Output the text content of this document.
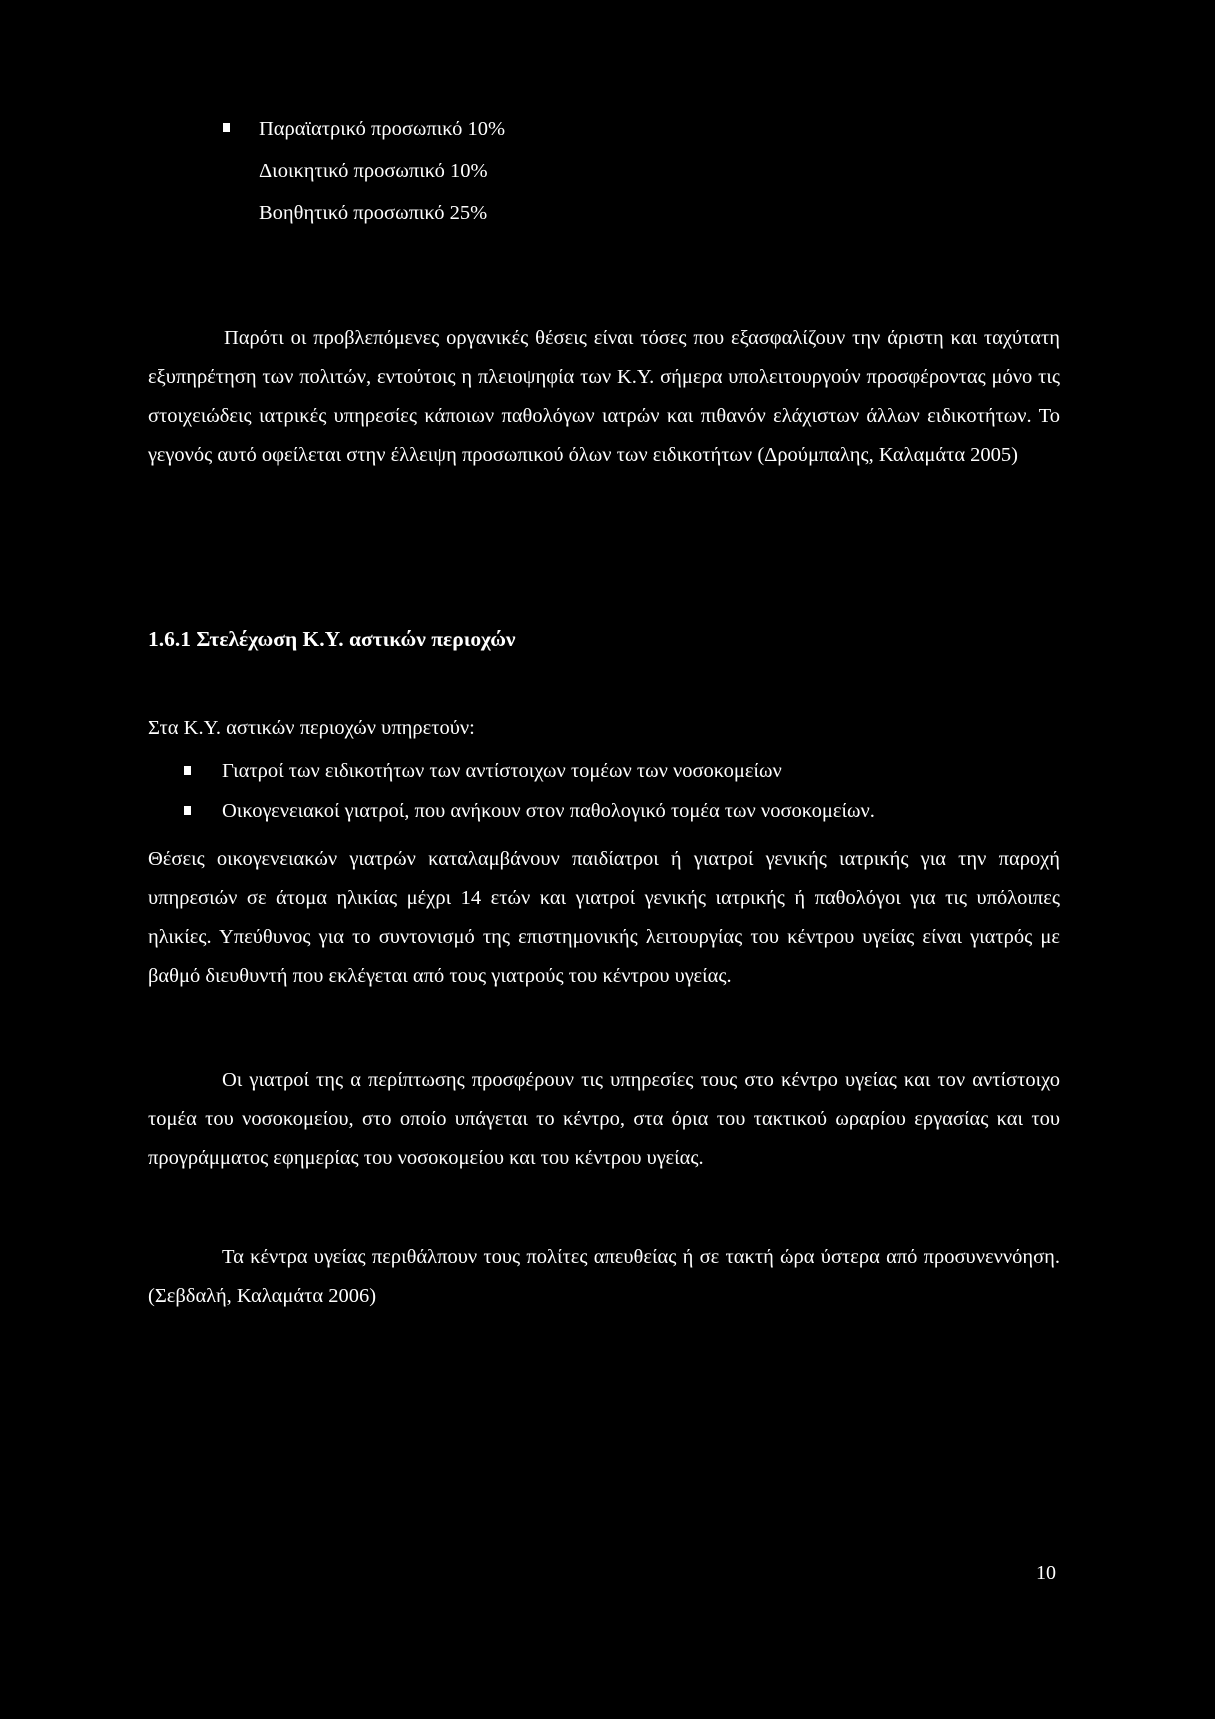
Παραϊατρικό προσωπικό 10%
Διοικητικό προσωπικό 10%
Βοηθητικό προσωπικό 25%

Παρότι οι προβλεπόμενες οργανικές θέσεις είναι τόσες που εξασφαλίζουν την άριστη και ταχύτατη εξυπηρέτηση των πολιτών, εντούτοις η πλειοψηφία των Κ.Υ. σήμερα υπολειτουργούν προσφέροντας μόνο τις στοιχειώδεις ιατρικές υπηρεσίες κάποιων παθολόγων ιατρών και πιθανόν ελάχιστων άλλων ειδικοτήτων. Το γεγονός αυτό οφείλεται στην έλλειψη προσωπικού όλων των ειδικοτήτων (Δρούμπαλης, Καλαμάτα 2005)

1.6.1 Στελέχωση Κ.Υ. αστικών περιοχών

Στα Κ.Υ. αστικών περιοχών υπηρετούν:

Γιατροί των ειδικοτήτων των αντίστοιχων τομέων των νοσοκομείων
Οικογενειακοί γιατροί, που ανήκουν στον παθολογικό τομέα των νοσοκομείων.

Θέσεις οικογενειακών γιατρών καταλαμβάνουν παιδίατροι ή γιατροί γενικής ιατρικής για την παροχή υπηρεσιών σε άτομα ηλικίας μέχρι 14 ετών και γιατροί γενικής ιατρικής ή παθολόγοι για τις υπόλοιπες ηλικίες. Υπεύθυνος για το συντονισμό της επιστημονικής λειτουργίας του κέντρου υγείας είναι γιατρός με βαθμό διευθυντή που εκλέγεται από τους γιατρούς του κέντρου υγείας.

Οι γιατροί της α περίπτωσης προσφέρουν τις υπηρεσίες τους στο κέντρο υγείας και τον αντίστοιχο τομέα του νοσοκομείου, στο οποίο υπάγεται το κέντρο, στα όρια του τακτικού ωραρίου εργασίας και του προγράμματος εφημερίας του νοσοκομείου και του κέντρου υγείας.

Τα κέντρα υγείας περιθάλπουν τους πολίτες απευθείας ή σε τακτή ώρα ύστερα από προσυνεννόηση. (Σεβδαλή, Καλαμάτα 2006)

10
